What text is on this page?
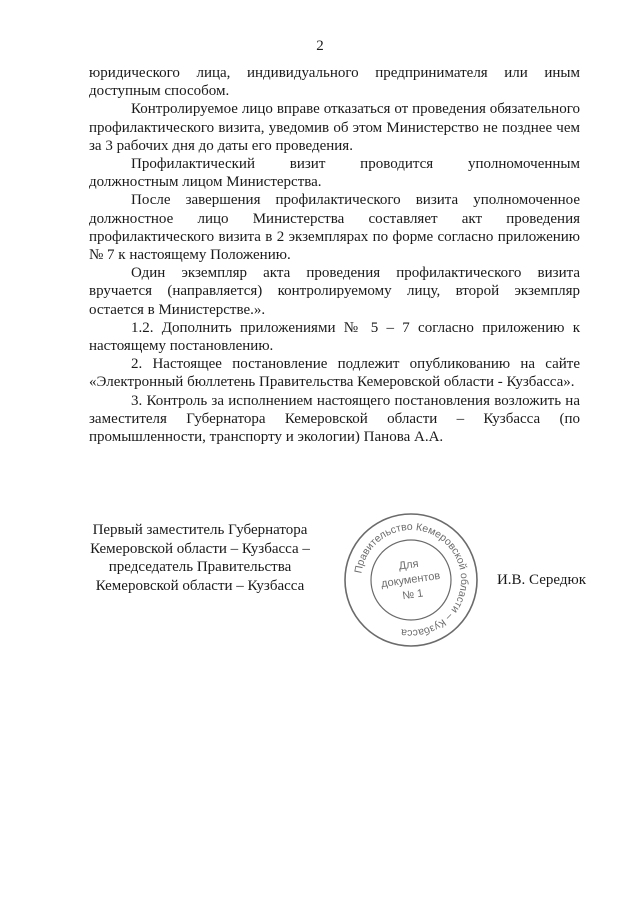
2

юридического лица, индивидуального предпринимателя или иным доступным способом.

Контролируемое лицо вправе отказаться от проведения обязательного профилактического визита, уведомив об этом Министерство не позднее чем за 3 рабочих дня до даты его проведения.

Профилактический визит проводится уполномоченным должностным лицом Министерства.

После завершения профилактического визита уполномоченное должностное лицо Министерства составляет акт проведения профилактического визита в 2 экземплярах по форме согласно приложению № 7 к настоящему Положению.

Один экземпляр акта проведения профилактического визита вручается (направляется) контролируемому лицу, второй экземпляр остается в Министерстве.».

1.2. Дополнить приложениями № 5 – 7 согласно приложению к настоящему постановлению.

2. Настоящее постановление подлежит опубликованию на сайте «Электронный бюллетень Правительства Кемеровской области - Кузбасса».

3. Контроль за исполнением настоящего постановления возложить на заместителя Губернатора Кемеровской области – Кузбасса (по промышленности, транспорту и экологии) Панова А.А.

Первый заместитель Губернатора
Кемеровской области – Кузбасса –
председатель Правительства
Кемеровской области – Кузбасса
Правительство Кемеровской области – Кузбасса
Для
документов
№ 1
И.В. Середюк
